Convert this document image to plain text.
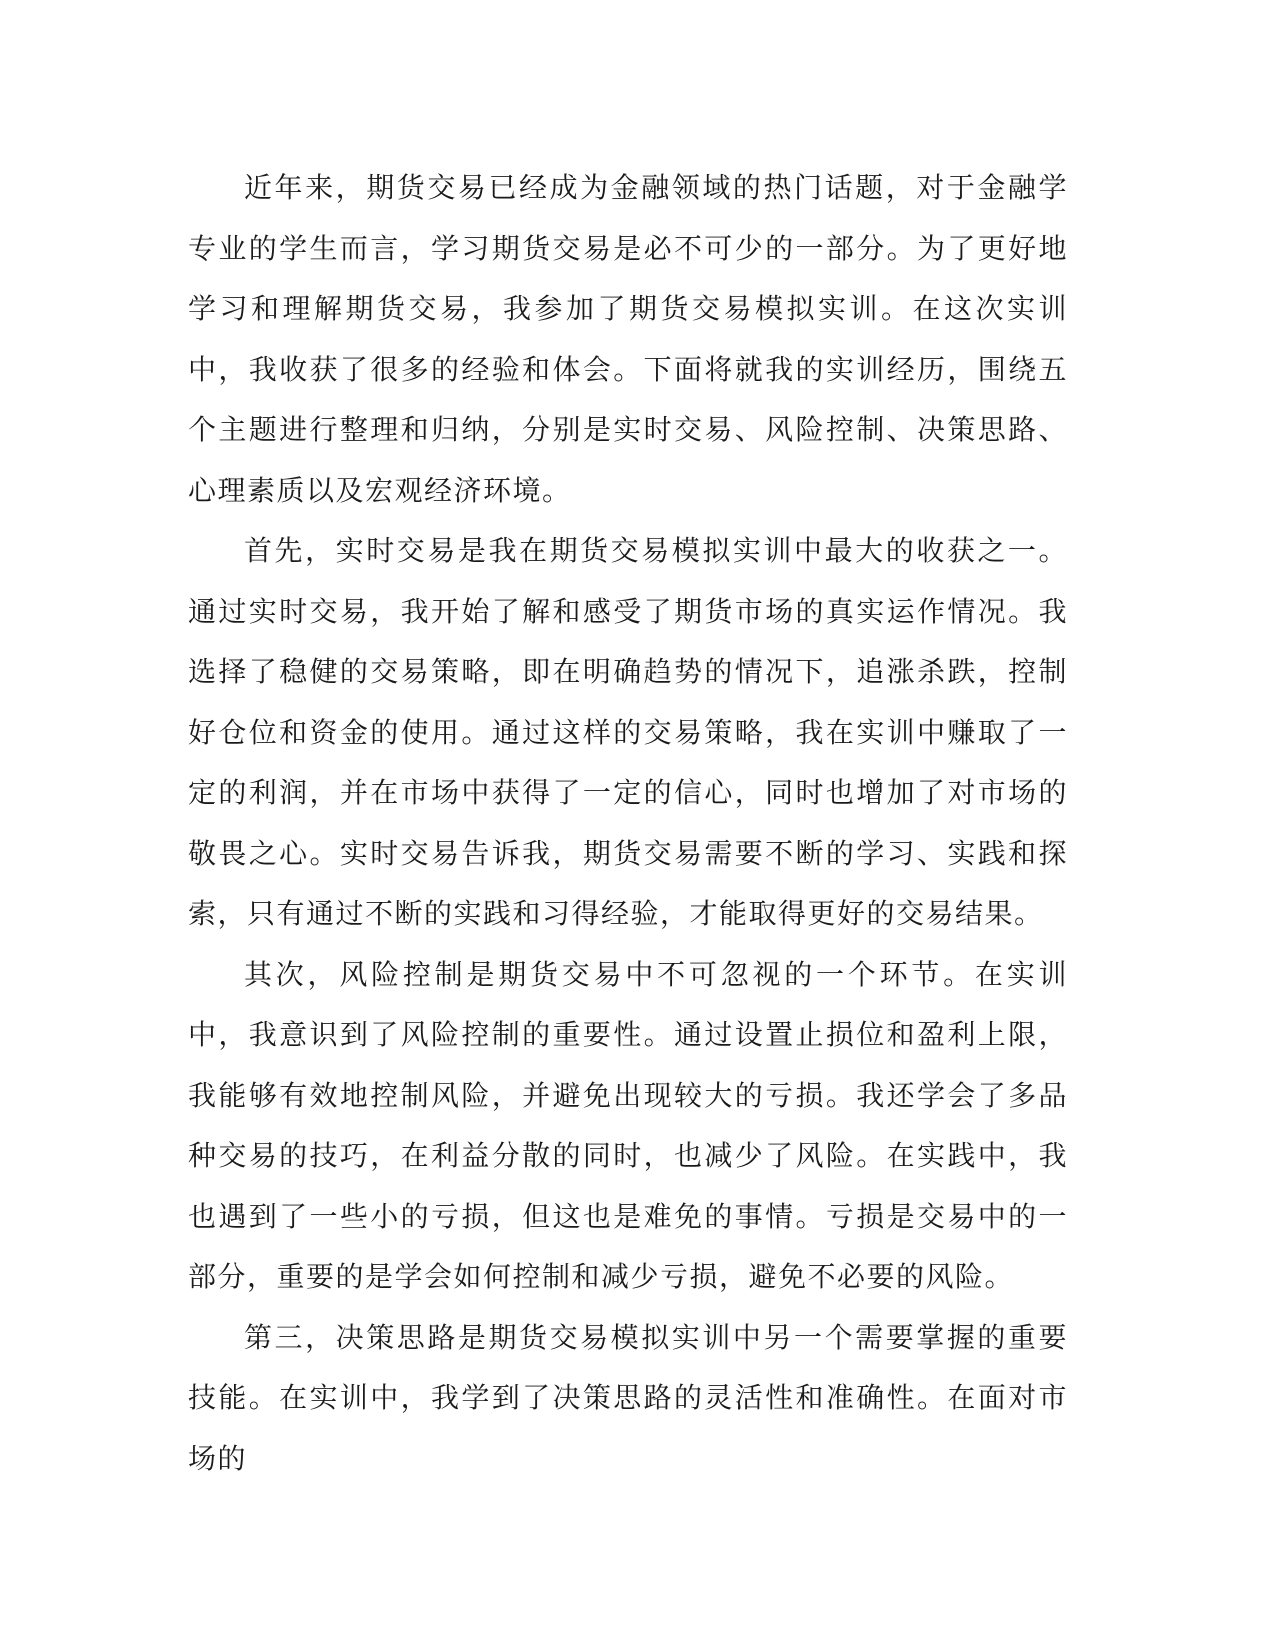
近年来，期货交易已经成为金融领域的热门话题，对于金融学专业的学生而言，学习期货交易是必不可少的一部分。为了更好地学习和理解期货交易，我参加了期货交易模拟实训。在这次实训中，我收获了很多的经验和体会。下面将就我的实训经历，围绕五个主题进行整理和归纳，分别是实时交易、风险控制、决策思路、心理素质以及宏观经济环境。

首先，实时交易是我在期货交易模拟实训中最大的收获之一。通过实时交易，我开始了解和感受了期货市场的真实运作情况。我选择了稳健的交易策略，即在明确趋势的情况下，追涨杀跌，控制好仓位和资金的使用。通过这样的交易策略，我在实训中赚取了一定的利润，并在市场中获得了一定的信心，同时也增加了对市场的敬畏之心。实时交易告诉我，期货交易需要不断的学习、实践和探索，只有通过不断的实践和习得经验，才能取得更好的交易结果。

其次，风险控制是期货交易中不可忽视的一个环节。在实训中，我意识到了风险控制的重要性。通过设置止损位和盈利上限，我能够有效地控制风险，并避免出现较大的亏损。我还学会了多品种交易的技巧，在利益分散的同时，也减少了风险。在实践中，我也遇到了一些小的亏损，但这也是难免的事情。亏损是交易中的一部分，重要的是学会如何控制和减少亏损，避免不必要的风险。

第三，决策思路是期货交易模拟实训中另一个需要掌握的重要技能。在实训中，我学到了决策思路的灵活性和准确性。在面对市场的
